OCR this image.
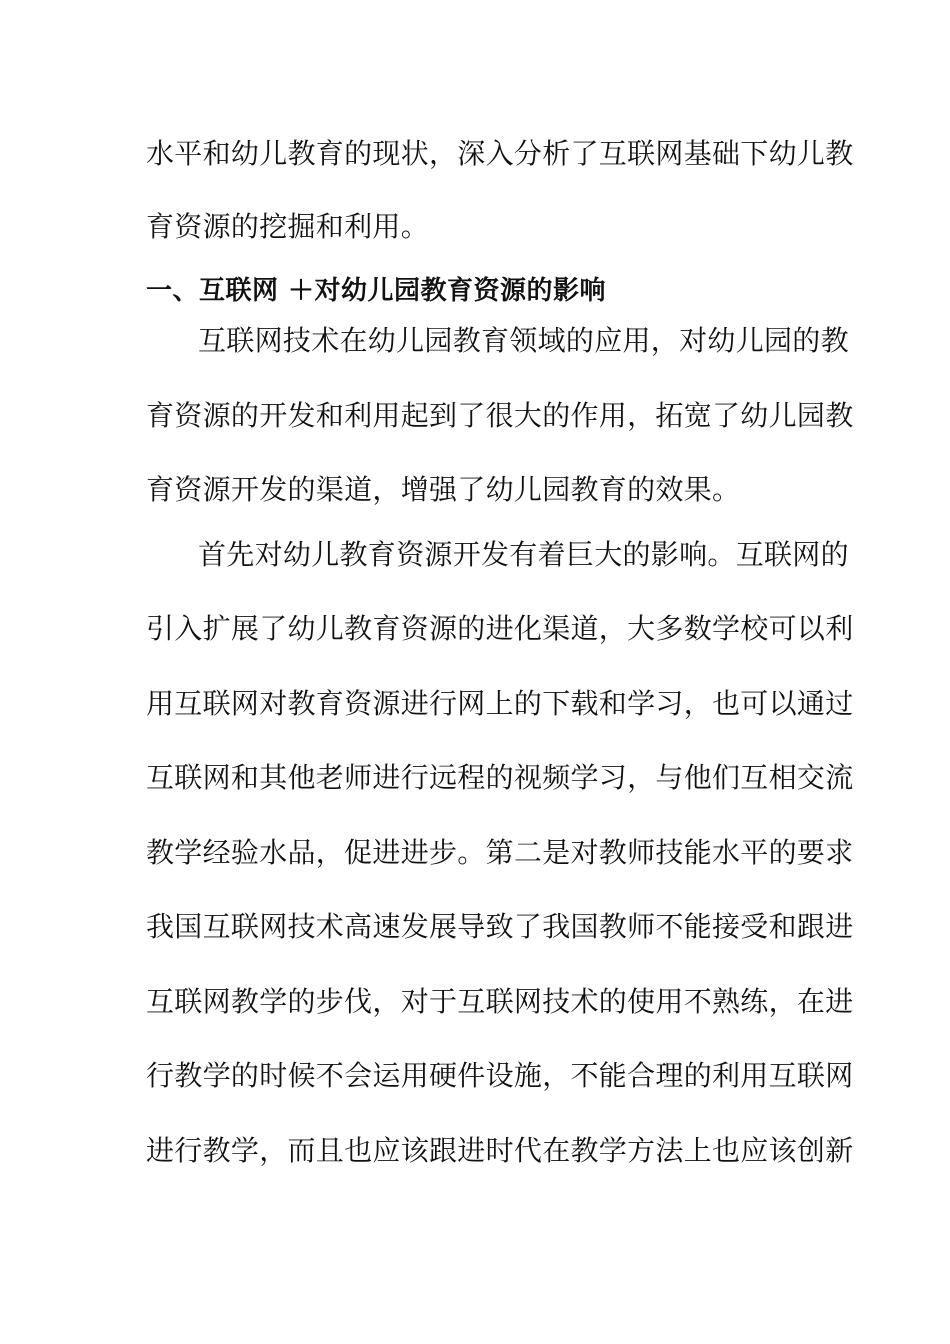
水平和幼儿教育的现状，深入分析了互联网基础下幼儿教
育资源的挖掘和利用。
一、互联网 ＋对幼儿园教育资源的影响
互联网技术在幼儿园教育领域的应用，对幼儿园的教
育资源的开发和利用起到了很大的作用，拓宽了幼儿园教
育资源开发的渠道，增强了幼儿园教育的效果。
首先对幼儿教育资源开发有着巨大的影响。互联网的
引入扩展了幼儿教育资源的进化渠道，大多数学校可以利
用互联网对教育资源进行网上的下载和学习，也可以通过
互联网和其他老师进行远程的视频学习，与他们互相交流
教学经验水品，促进进步。第二是对教师技能水平的要求
我国互联网技术高速发展导致了我国教师不能接受和跟进
互联网教学的步伐，对于互联网技术的使用不熟练，在进
行教学的时候不会运用硬件设施，不能合理的利用互联网
进行教学，而且也应该跟进时代在教学方法上也应该创新
